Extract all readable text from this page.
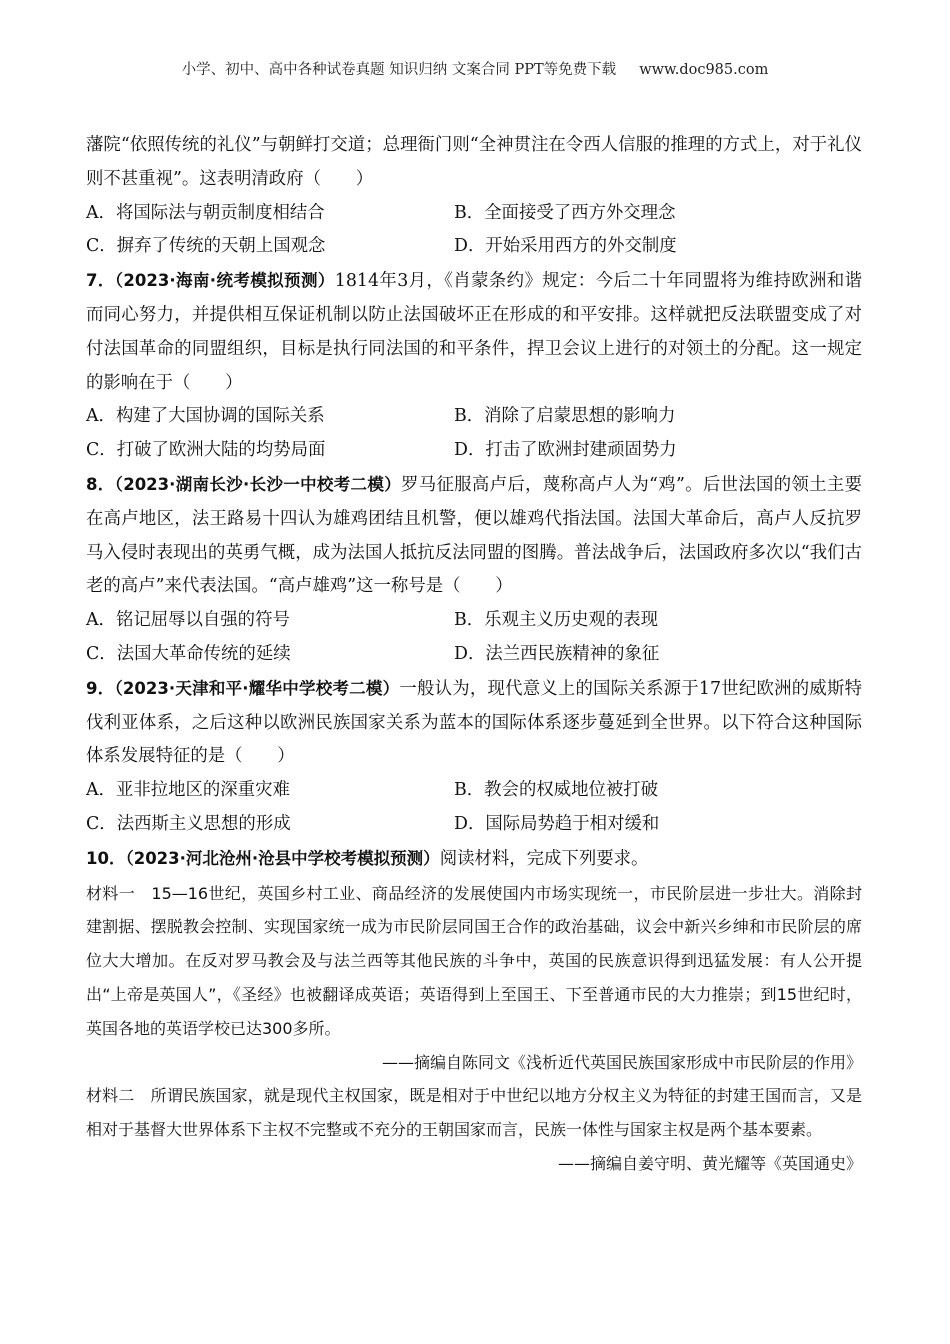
小学、初中、高中各种试卷真题 知识归纳 文案合同 PPT等免费下载 www.doc985.com

藩院“依照传统的礼仪”与朝鲜打交道；总理衙门则“全神贯注在令西人信服的推理的方式上，对于礼仪则不甚重视”。这表明清政府（　　）

A．将国际法与朝贡制度相结合	B．全面接受了西方外交理念

C．摒弃了传统的天朝上国观念	D．开始采用西方的外交制度

7．（2023·海南·统考模拟预测）1814年3月，《肖蒙条约》规定：今后二十年同盟将为维持欧洲和谐而同心努力，并提供相互保证机制以防止法国破坏正在形成的和平安排。这样就把反法联盟变成了对付法国革命的同盟组织，目标是执行同法国的和平条件，捍卫会议上进行的对领土的分配。这一规定的影响在于（　　）

A．构建了大国协调的国际关系	B．消除了启蒙思想的影响力

C．打破了欧洲大陆的均势局面	D．打击了欧洲封建顽固势力

8．（2023·湖南长沙·长沙一中校考二模）罗马征服高卢后，蔑称高卢人为“鸡”。后世法国的领土主要在高卢地区，法王路易十四认为雄鸡团结且机警，便以雄鸡代指法国。法国大革命后，高卢人反抗罗马入侵时表现出的英勇气概，成为法国人抵抗反法同盟的图腾。普法战争后，法国政府多次以“我们古老的高卢”来代表法国。“高卢雄鸡”这一称号是（　　）

A．铭记屈辱以自强的符号	B．乐观主义历史观的表现

C．法国大革命传统的延续	D．法兰西民族精神的象征

9．（2023·天津和平·耀华中学校考二模）一般认为，现代意义上的国际关系源于17世纪欧洲的威斯特伐利亚体系，之后这种以欧洲民族国家关系为蓝本的国际体系逐步蔓延到全世界。以下符合这种国际体系发展特征的是（　　）

A．亚非拉地区的深重灾难	B．教会的权威地位被打破

C．法西斯主义思想的形成	D．国际局势趋于相对缓和

10．（2023·河北沧州·沧县中学校考模拟预测）阅读材料，完成下列要求。

材料一　15—16世纪，英国乡村工业、商品经济的发展使国内市场实现统一，市民阶层进一步壮大。消除封建割据、摆脱教会控制、实现国家统一成为市民阶层同国王合作的政治基础，议会中新兴乡绅和市民阶层的席位大大增加。在反对罗马教会及与法兰西等其他民族的斗争中，英国的民族意识得到迅猛发展：有人公开提出“上帝是英国人”，《圣经》也被翻译成英语；英语得到上至国王、下至普通市民的大力推崇；到15世纪时，英国各地的英语学校已达300多所。

——摘编自陈同文《浅析近代英国民族国家形成中市民阶层的作用》

材料二　所谓民族国家，就是现代主权国家，既是相对于中世纪以地方分权主义为特征的封建王国而言，又是相对于基督大世界体系下主权不完整或不充分的王朝国家而言，民族一体性与国家主权是两个基本要素。

——摘编自姜守明、黄光耀等《英国通史》
